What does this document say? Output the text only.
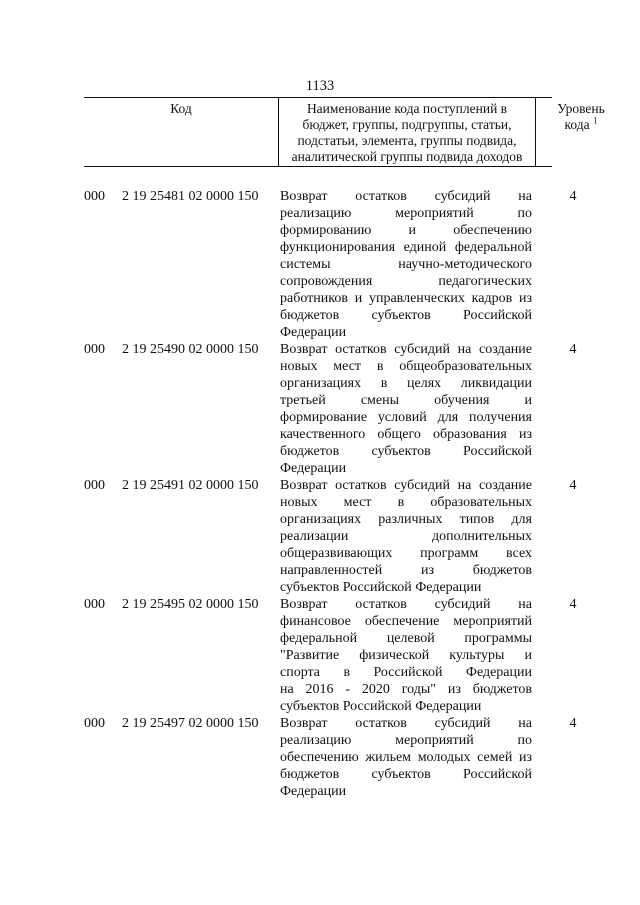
1133
Код	Наименование кода поступлений в
бюджет, группы, подгруппы, статьи,
подстатьи, элемента, группы подвида,
аналитической группы подвида доходов
Уровень
кода $^1$
000	2 19 25481 02 0000 150	Возврат остатков субсидий на
реализацию мероприятий по
формированию и обеспечению
функционирования единой федеральной
системы научно-методического
сопровождения педагогических
работников и управленческих кадров из
бюджетов субъектов Российской
Федерации
4
000	2 19 25490 02 0000 150	Возврат остатков субсидий на создание
новых мест в общеобразовательных
организациях в целях ликвидации
третьей смены обучения и
формирование условий для получения
качественного общего образования из
бюджетов субъектов Российской
Федерации
4
000	2 19 25491 02 0000 150	Возврат остатков субсидий на создание
новых мест в образовательных
организациях различных типов для
реализации дополнительных
общеразвивающих программ всех
направленностей из бюджетов
субъектов Российской Федерации
4
000	2 19 25495 02 0000 150	Возврат остатков субсидий на
финансовое обеспечение мероприятий
федеральной целевой программы
"Развитие физической культуры и
спорта в Российской Федерации
на 2016 - 2020 годы" из бюджетов
субъектов Российской Федерации
4
000	2 19 25497 02 0000 150	Возврат остатков субсидий на
реализацию мероприятий по
обеспечению жильем молодых семей из
бюджетов субъектов Российской
Федерации
4
